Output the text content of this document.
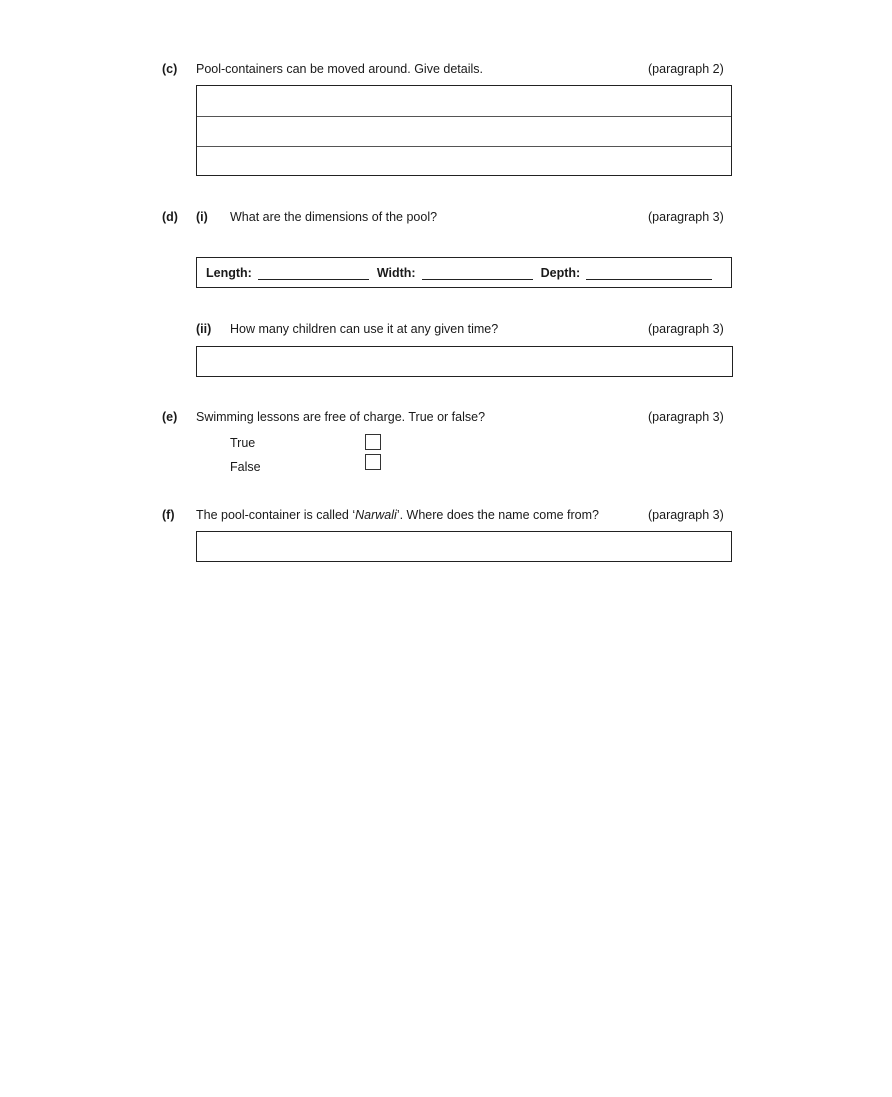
(c) Pool-containers can be moved around. Give details.	(paragraph 2)
(d) (i) What are the dimensions of the pool?	(paragraph 3)
Length:	Width:	Depth:
(ii) How many children can use it at any given time?	(paragraph 3)
(e) Swimming lessons are free of charge. True or false?	(paragraph 3)
True
False
(f) The pool-container is called ‘Narwali’. Where does the name come from?	(paragraph 3)
